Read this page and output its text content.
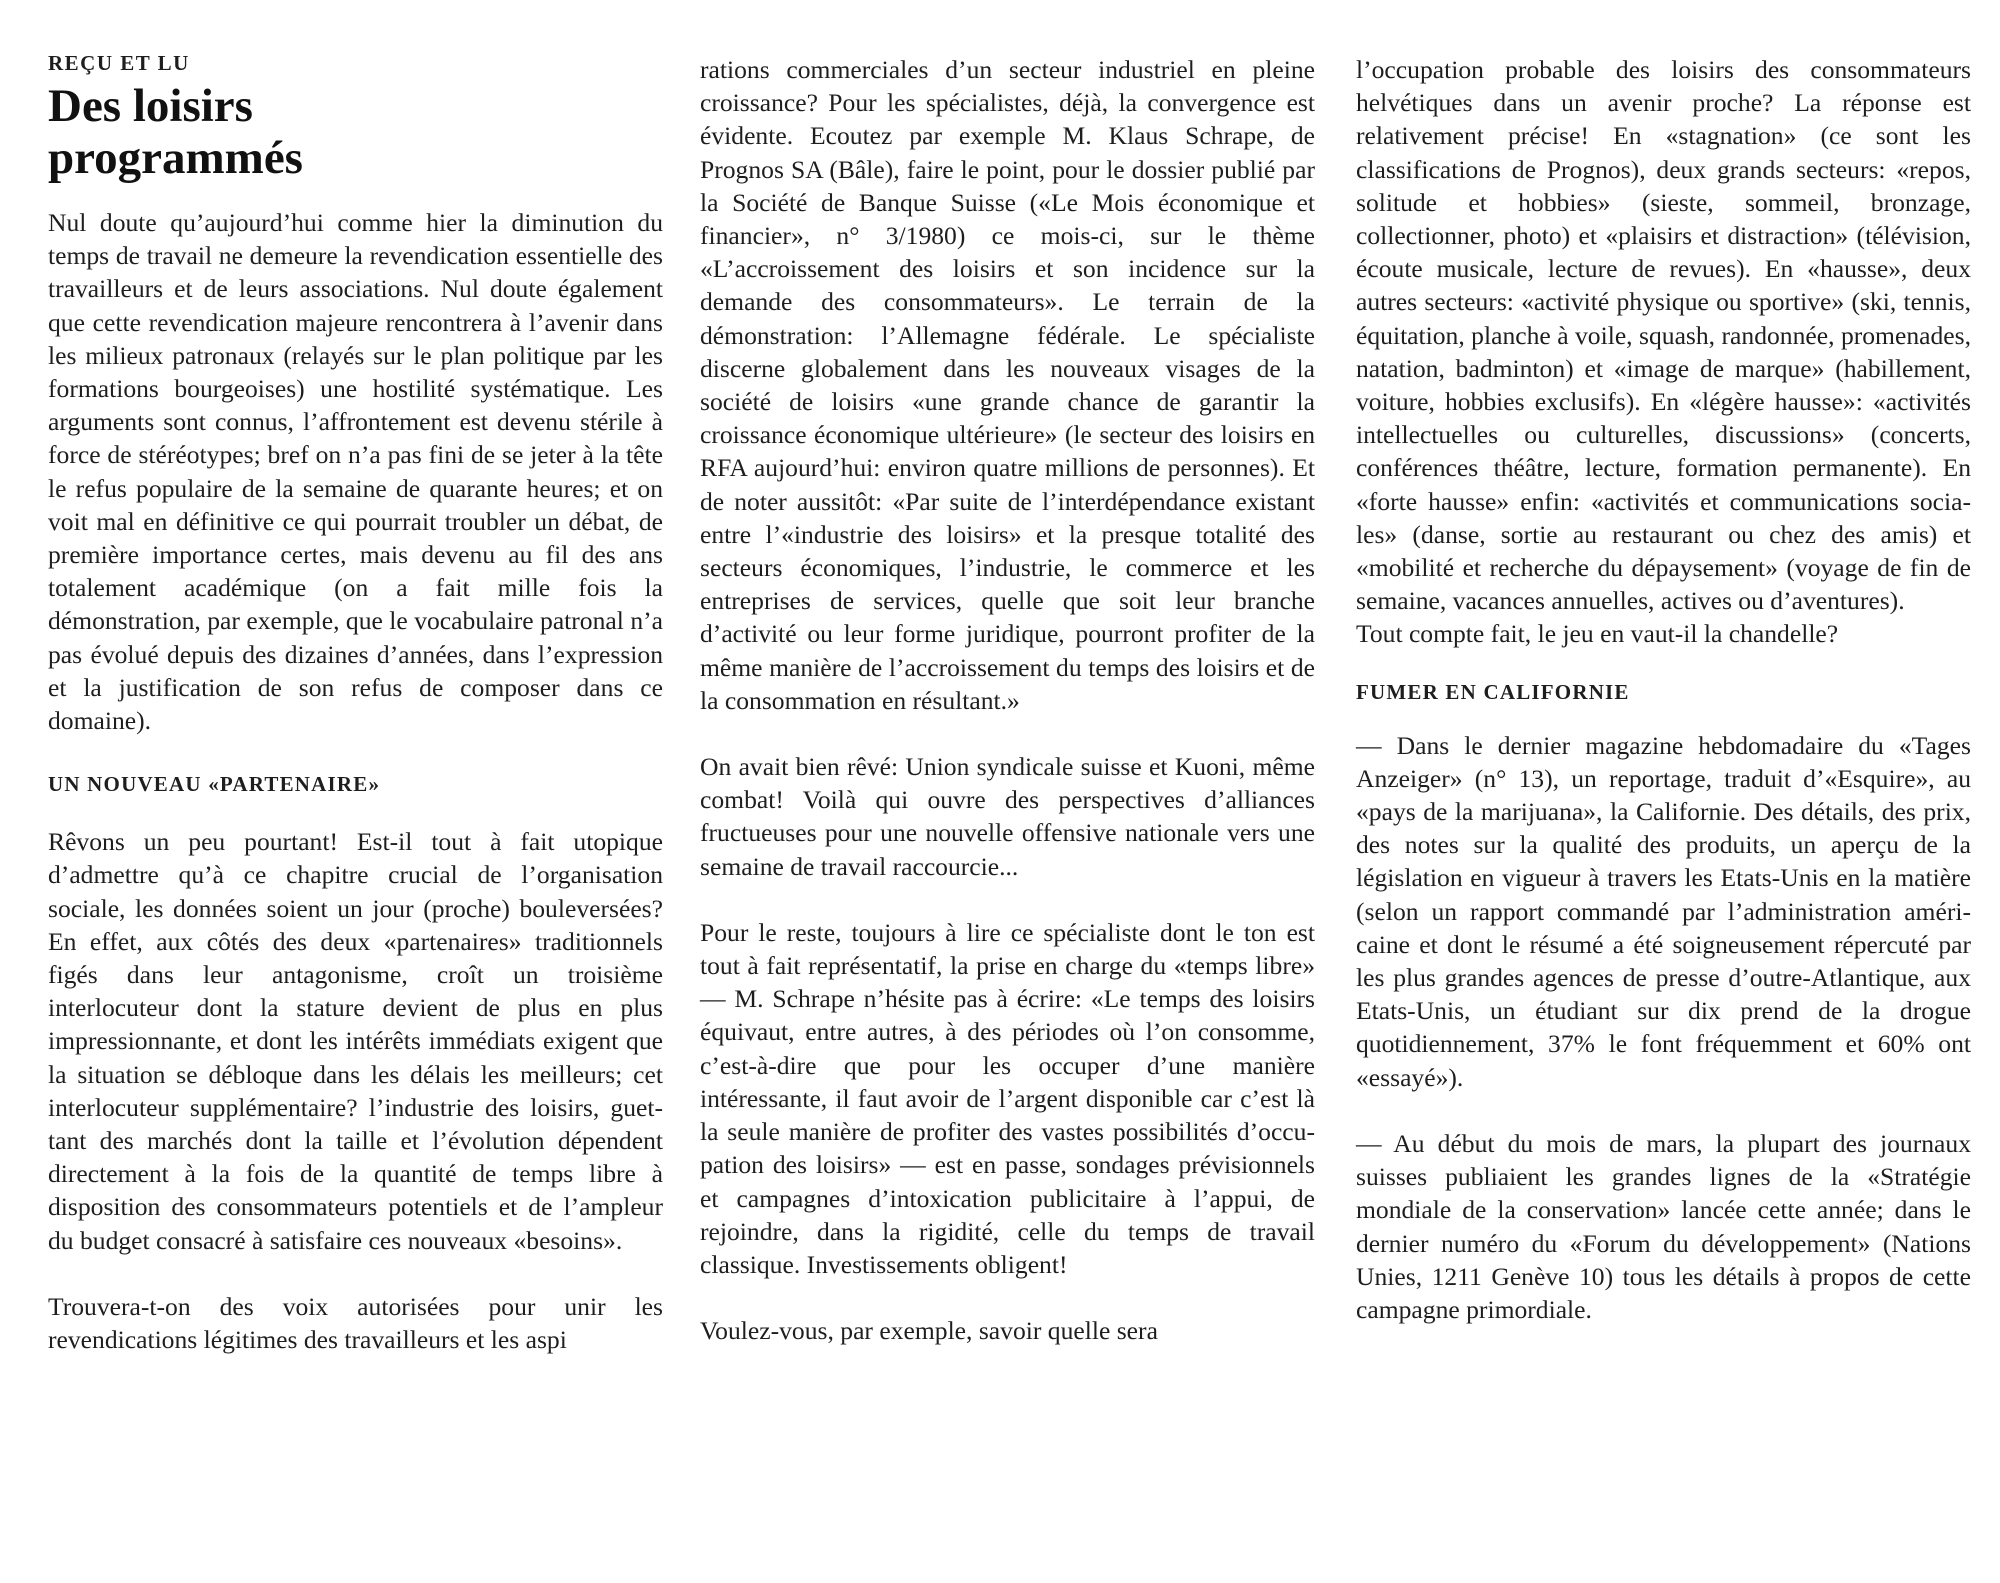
REÇU ET LU
Des loisirs
programmés

Nul doute qu’aujourd’hui comme hier la diminution du temps de travail ne demeure la revendication essentielle des travailleurs et de leurs associations. Nul doute également que cette revendication majeure rencontrera à l’avenir dans les milieux patronaux (relayés sur le plan politique par les formations bourgeoises) une hostilité systématique. Les arguments sont connus, l’affrontement est devenu stérile à force de stéréotypes; bref on n’a pas fini de se jeter à la tête le refus populaire de la semaine de quarante heures; et on voit mal en définitive ce qui pourrait troubler un débat, de première importance certes, mais devenu au fil des ans totalement académique (on a fait mille fois la démonstration, par exemple, que le vocabulaire patronal n’a pas évolué depuis des dizaines d’années, dans l’expression et la justification de son refus de composer dans ce domaine).

UN NOUVEAU «PARTENAIRE»

Rêvons un peu pourtant! Est-il tout à fait utopique d’admettre qu’à ce chapitre crucial de l’organisation sociale, les données soient un jour (proche) bouleversées? En effet, aux côtés des deux «partenaires» traditionnels figés dans leur antagonisme, croît un troisième interlocuteur dont la stature devient de plus en plus impressionnante, et dont les intérêts immédiats exigent que la situation se débloque dans les délais les meilleurs; cet interlocuteur supplémentaire? l’industrie des loisirs, guettant des marchés dont la taille et l’évolution dépendent directement à la fois de la quantité de temps libre à disposition des consommateurs potentiels et de l’ampleur du budget consacré à satisfaire ces nouveaux «besoins».

Trouvera-t-on des voix autorisées pour unir les revendications légitimes des travailleurs et les aspi

rations commerciales d’un secteur industriel en pleine croissance? Pour les spécialistes, déjà, la convergence est évidente. Ecoutez par exemple M. Klaus Schrape, de Prognos SA (Bâle), faire le point, pour le dossier publié par la Société de Banque Suisse («Le Mois économique et financier», n° 3/1980) ce mois-ci, sur le thème «L’accroissement des loisirs et son incidence sur la demande des consommateurs». Le terrain de la démonstration: l’Allemagne fédérale. Le spécialiste discerne globalement dans les nouveaux visages de la société de loisirs «une grande chance de garantir la croissance économique ultérieure» (le secteur des loisirs en RFA aujourd’hui: environ quatre millions de personnes). Et de noter aussitôt: «Par suite de l’interdépendance existant entre l’«industrie des loisirs» et la presque totalité des secteurs économiques, l’industrie, le commerce et les entreprises de services, quelle que soit leur branche d’activité ou leur forme juridique, pourront profiter de la même manière de l’accroissement du temps des loisirs et de la consommation en résultant.»

On avait bien rêvé: Union syndicale suisse et Kuoni, même combat! Voilà qui ouvre des perspectives d’alliances fructueuses pour une nouvelle offensive nationale vers une semaine de travail raccourcie...

Pour le reste, toujours à lire ce spécialiste dont le ton est tout à fait représentatif, la prise en charge du «temps libre» — M. Schrape n’hésite pas à écrire: «Le temps des loisirs équivaut, entre autres, à des périodes où l’on consomme, c’est-à-dire que pour les occuper d’une manière intéressante, il faut avoir de l’argent disponible car c’est là la seule manière de profiter des vastes possibilités d’occupation des loisirs» — est en passe, sondages prévisionnels et campagnes d’intoxication publicitaire à l’appui, de rejoindre, dans la rigidité, celle du temps de travail classique. Investissements obligent!

Voulez-vous, par exemple, savoir quelle sera

l’occupation probable des loisirs des consommateurs helvétiques dans un avenir proche? La réponse est relativement précise! En «stagnation» (ce sont les classifications de Prognos), deux grands secteurs: «repos, solitude et hobbies» (sieste, sommeil, bronzage, collectionner, photo) et «plaisirs et distraction» (télévision, écoute musicale, lecture de revues). En «hausse», deux autres secteurs: «activité physique ou sportive» (ski, tennis, équitation, planche à voile, squash, randonnée, promenades, natation, badminton) et «image de marque» (habillement, voiture, hobbies exclusifs). En «légère hausse»: «activités intellectuelles ou culturelles, discussions» (concerts, conférences théâtre, lecture, formation permanente). En «forte hausse» enfin: «activités et communications sociales» (danse, sortie au restaurant ou chez des amis) et «mobilité et recherche du dépaysement» (voyage de fin de semaine, vacances annuelles, actives ou d’aventures).

Tout compte fait, le jeu en vaut-il la chandelle?

FUMER EN CALIFORNIE

— Dans le dernier magazine hebdomadaire du «Tages Anzeiger» (n° 13), un reportage, traduit d’«Esquire», au «pays de la marijuana», la Californie. Des détails, des prix, des notes sur la qualité des produits, un aperçu de la législation en vigueur à travers les Etats-Unis en la matière (selon un rapport commandé par l’administration américaine et dont le résumé a été soigneusement répercuté par les plus grandes agences de presse d’outre-Atlantique, aux Etats-Unis, un étudiant sur dix prend de la drogue quotidiennement, 37% le font fréquemment et 60% ont «essayé»).

— Au début du mois de mars, la plupart des journaux suisses publiaient les grandes lignes de la «Stratégie mondiale de la conservation» lancée cette année; dans le dernier numéro du «Forum du développement» (Nations Unies, 1211 Genève 10) tous les détails à propos de cette campagne primordiale.
